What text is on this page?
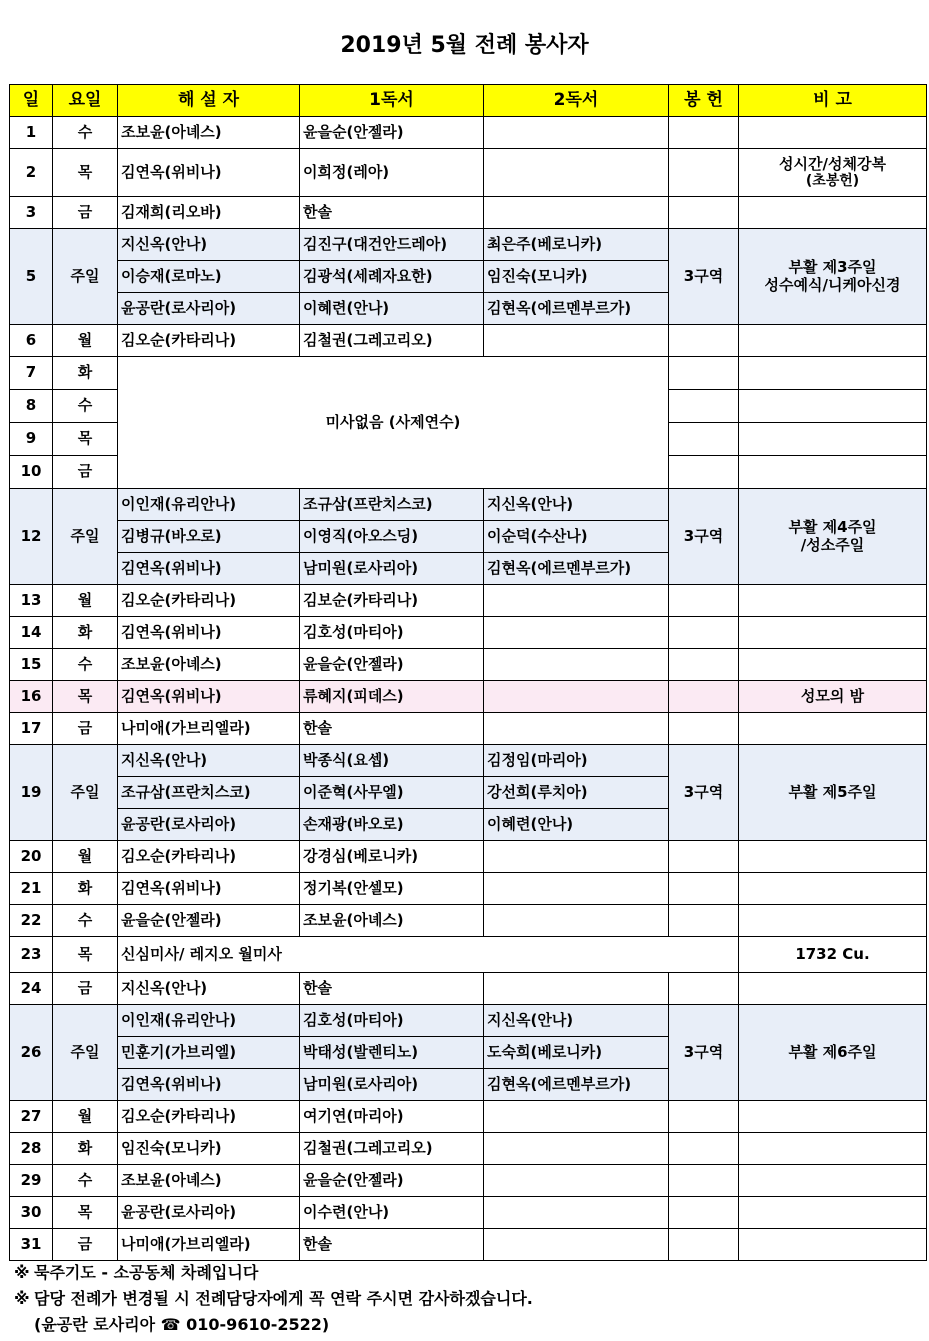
2019년 5월 전례 봉사자
일	요일	해 설 자	1독서	2독서	봉 헌	비 고
1	수	조보윤(아녜스)	윤을순(안젤라)			

2	목	김연옥(위비나)	이희정(레아)			성시간/성체강복
(초봉헌)

3	금	김재희(리오바)	한솔			

5	주일	지신옥(안나)	김진구(대건안드레아)	최은주(베로니카)	3구역	부활 제3주일
성수예식/니케아신경

		이승재(로마노)	김광석(세례자요한)	임진숙(모니카)		
		윤공란(로사리아)	이혜련(안나)	김현옥(에르멘부르가)		
6	월	김오순(카타리나)	김철권(그레고리오)			

7	화	미사없음 (사제연수)				
8	수					
9	목					
10	금					
12	주일	이인재(유리안나)	조규삼(프란치스코)	지신옥(안나)	3구역	부활 제4주일
/성소주일

		김병규(바오로)	이영직(아오스딩)	이순덕(수산나)		
		김연옥(위비나)	남미원(로사리아)	김현옥(에르멘부르가)		
13	월	김오순(카타리나)	김보순(카타리나)			

14	화	김연옥(위비나)	김호성(마티아)			

15	수	조보윤(아녜스)	윤을순(안젤라)			

16	목	김연옥(위비나)	류혜지(피데스)			성모의 밤

17	금	나미애(가브리엘라)	한솔			

19	주일	지신옥(안나)	박종식(요셉)	김정임(마리아)	3구역	부활 제5주일

		조규삼(프란치스코)	이준혁(사무엘)	강선희(루치아)		
		윤공란(로사리아)	손재광(바오로)	이혜련(안나)		
20	월	김오순(카타리나)	강경심(베로니카)			

21	화	김연옥(위비나)	정기복(안셀모)			

22	수	윤을순(안젤라)	조보윤(아녜스)			

23	목	신심미사/ 레지오 월미사				1732 Cu.
24	금	지신옥(안나)	한솔			

26	주일	이인재(유리안나)	김호성(마티아)	지신옥(안나)	3구역	부활 제6주일

		민훈기(가브리엘)	박태성(발렌티노)	도숙희(베로니카)		
		김연옥(위비나)	남미원(로사리아)	김현옥(에르멘부르가)		
27	월	김오순(카타리나)	여기연(마리아)			

28	화	임진숙(모니카)	김철권(그레고리오)			

29	수	조보윤(아녜스)	윤을순(안젤라)			

30	목	윤공란(로사리아)	이수련(안나)			

31	금	나미애(가브리엘라)	한솔			
※ 묵주기도 - 소공동체 차례입니다
※ 담당 전례가 변경될 시 전례담당자에게 꼭 연락 주시면 감사하겠습니다.
(윤공란 로사리아 ☎ 010-9610-2522)
